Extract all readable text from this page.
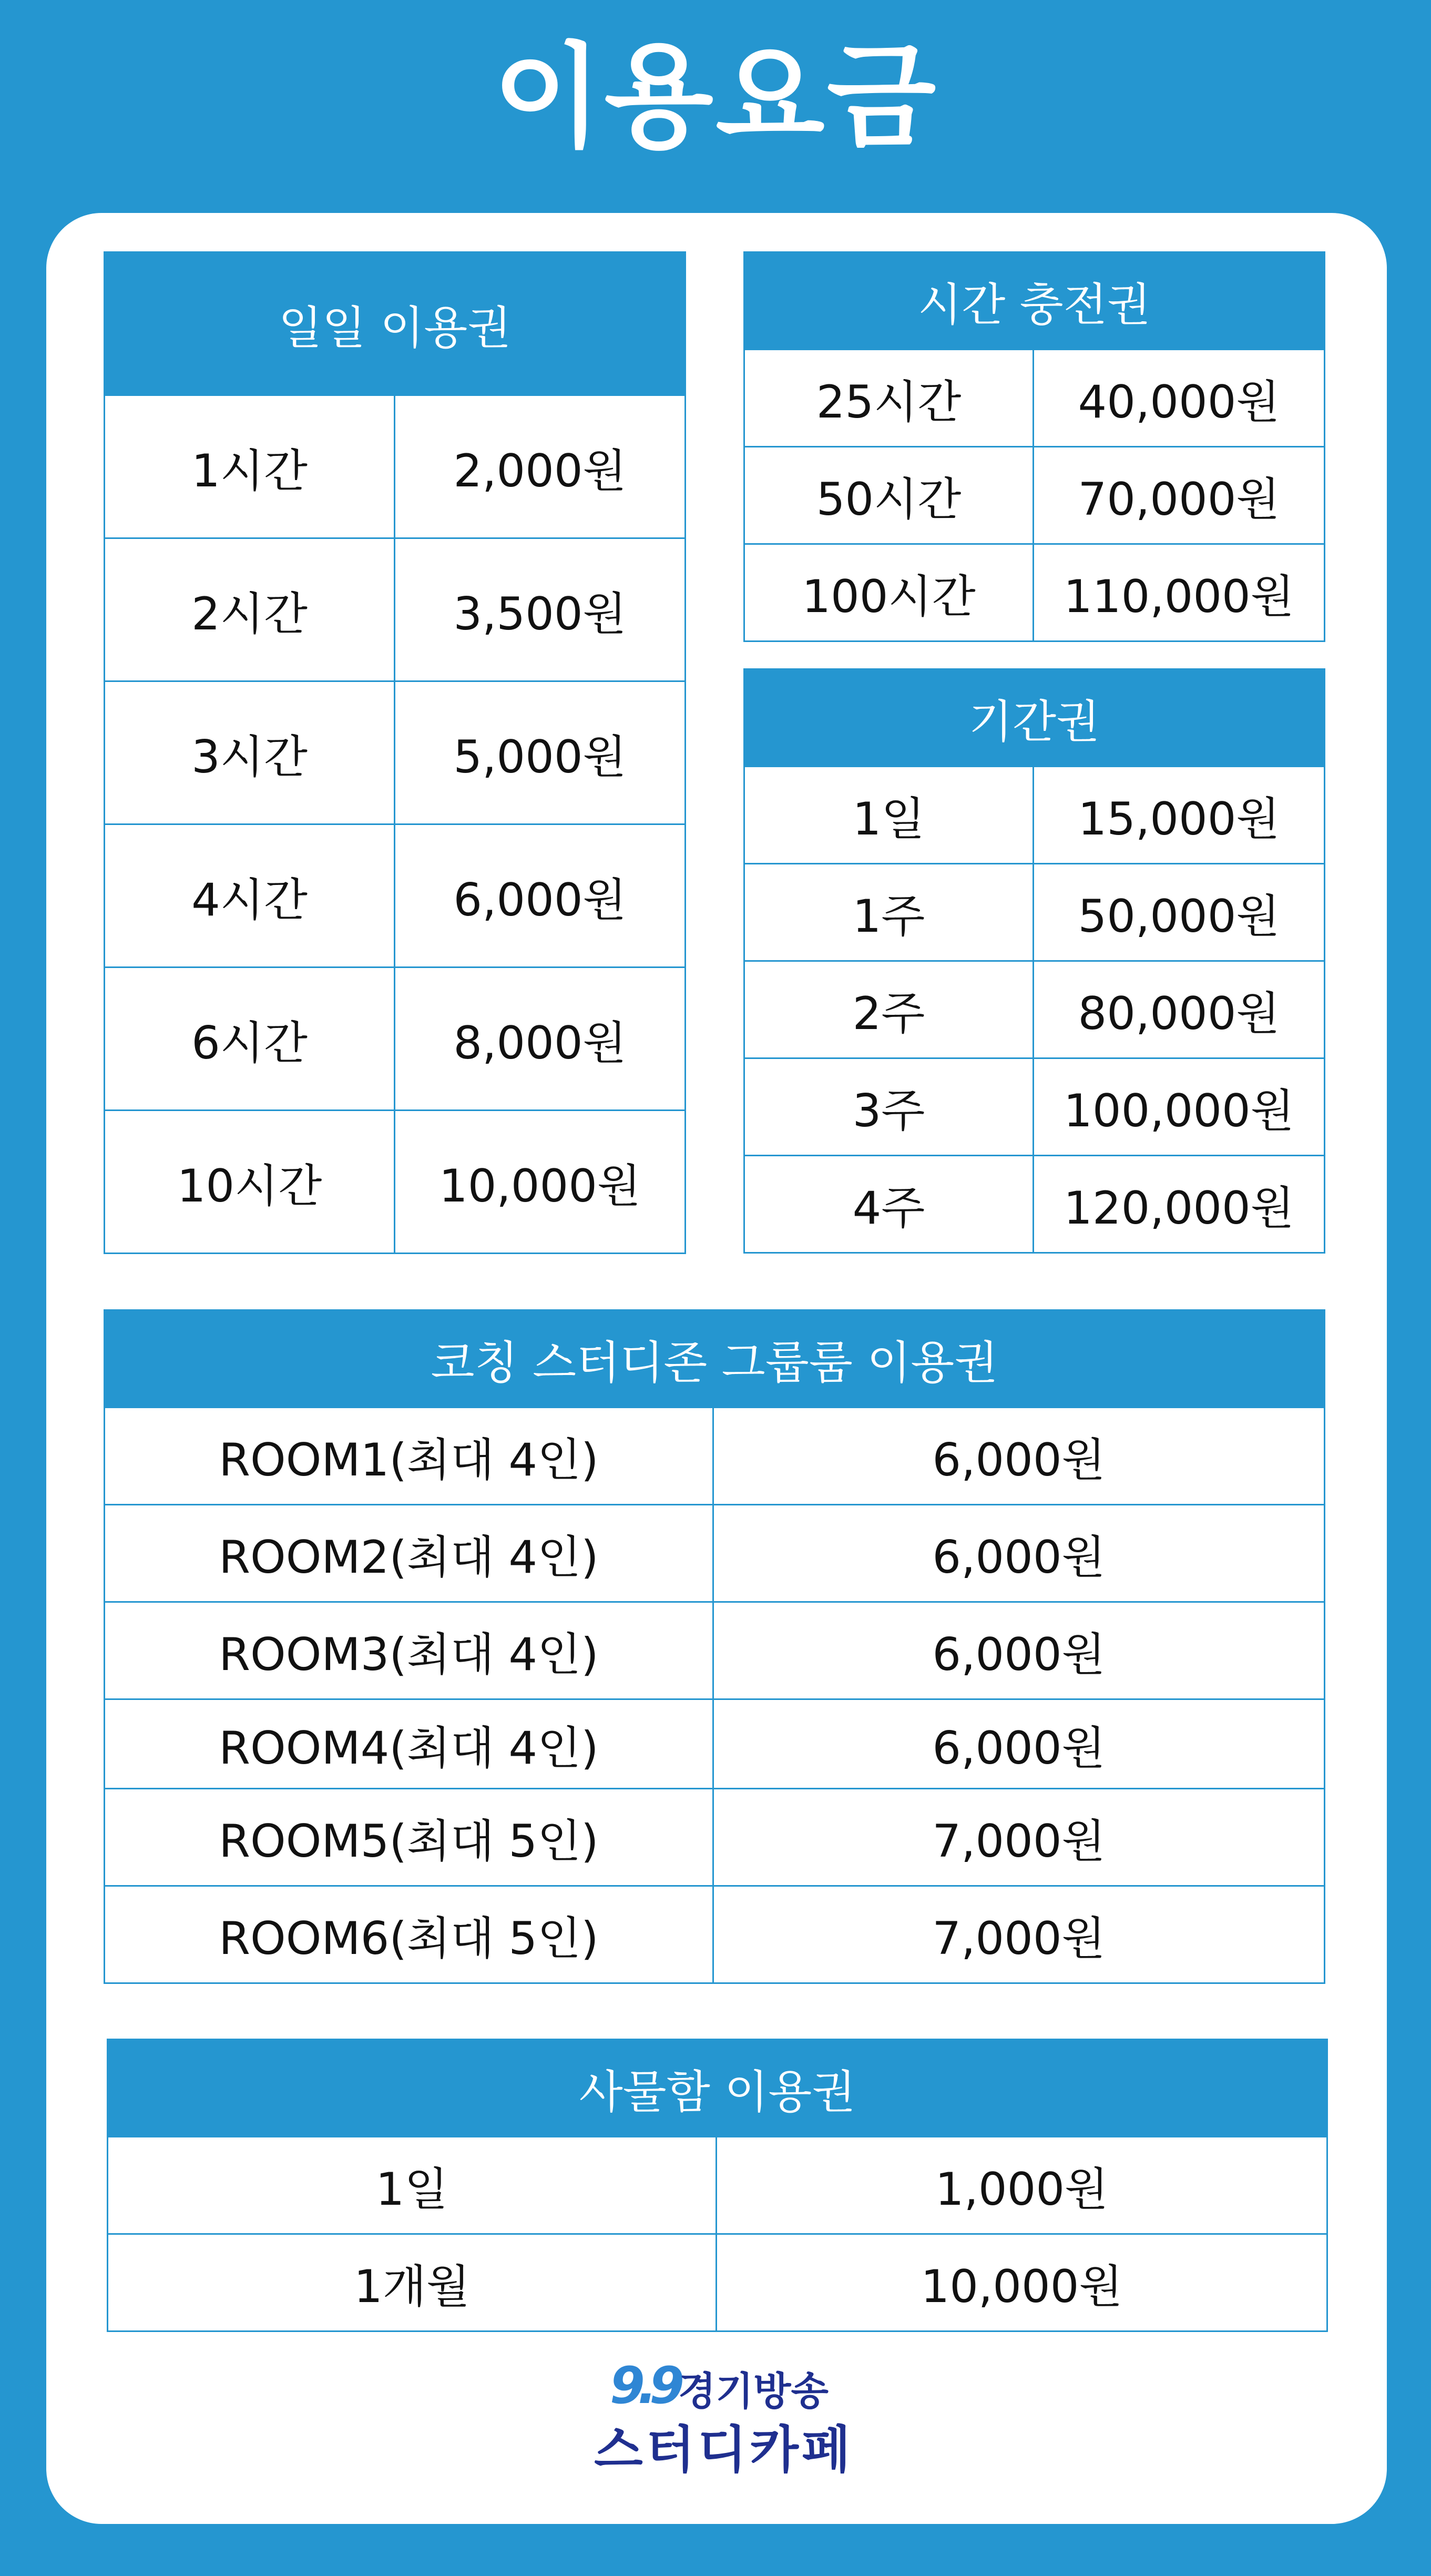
이용요금
일일 이용권	
1시간	2,000원
2시간	3,500원
3시간	5,000원
4시간	6,000원
6시간	8,000원
10시간	10,000원
시간 충전권	
25시간	40,000원
50시간	70,000원
100시간	110,000원
기간권	
1일	15,000원
1주	50,000원
2주	80,000원
3주	100,000원
4주	120,000원
코칭 스터디존 그룹룸 이용권	
ROOM1(최대 4인)	6,000원
ROOM2(최대 4인)	6,000원
ROOM3(최대 4인)	6,000원
ROOM4(최대 4인)	6,000원
ROOM5(최대 5인)	7,000원
ROOM6(최대 5인)	7,000원
사물함 이용권	
1일	1,000원
1개월	10,000원
9.9 경기방송
스터디카페
